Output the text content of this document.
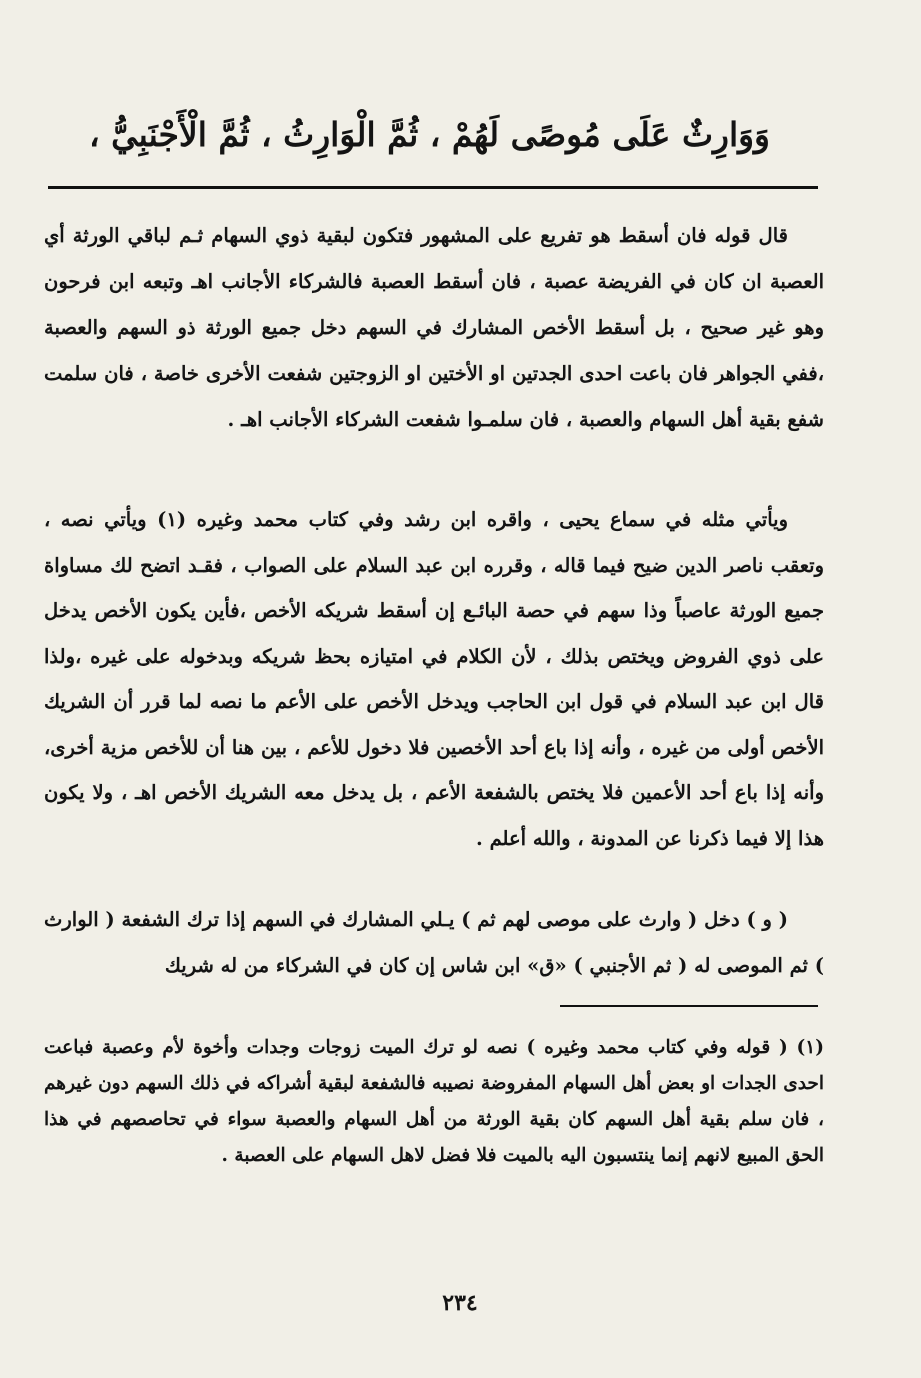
وَوَارِثٌ عَلَى مُوصًى لَهُمْ ، ثُمَّ الْوَارِثُ ، ثُمَّ الْأَجْنَبِيُّ ،

قال قوله فان أسقط هو تفريع على المشهور فتكون لبقية ذوي السهام ثـم لباقي الورثة أي العصبة ان كان في الفريضة عصبة ، فان أسقط العصبة فالشركاء الأجانب اهـ وتبعه ابن فرحون وهو غير صحيح ، بل أسقط الأخص المشارك في السهم دخل جميع الورثة ذو السهم والعصبة ،ففي الجواهر فان باعت احدى الجدتين او الأختين او الزوجتين شفعت الأخرى خاصة ، فان سلمت شفع بقية أهل السهام والعصبة ، فان سلمـوا شفعت الشركاء الأجانب اهـ .

ويأتي مثله في سماع يحيى ، واقره ابن رشد وفي كتاب محمد وغيره (١) ويأتي نصه ، وتعقب ناصر الدين ضيح فيما قاله ، وقرره ابن عبد السلام على الصواب ، فقـد اتضح لك مساواة جميع الورثة عاصباً وذا سهم في حصة البائـع إن أسقط شريكه الأخص ،فأين يكون الأخص يدخل على ذوي الفروض ويختص بذلك ، لأن الكلام في امتيازه بحظ شريكه وبدخوله على غيره ،ولذا قال ابن عبد السلام في قول ابن الحاجب ويدخل الأخص على الأعم ما نصه لما قرر أن الشريك الأخص أولى من غيره ، وأنه إذا باع أحد الأخصين فلا دخول للأعم ، بين هنا أن للأخص مزية أخرى، وأنه إذا باع أحد الأعمين فلا يختص بالشفعة الأعم ، بل يدخل معه الشريك الأخص اهـ ، ولا يكون هذا إلا فيما ذكرنا عن المدونة ، والله أعلم .

( و ) دخل ( وارث على موصى لهم ثم ) يـلي المشارك في السهم إذا ترك الشفعة ( الوارث ) ثم الموصى له ( ثم الأجنبي ) «ق» ابن شاس إن كان في الشركاء من له شريك

(١) ( قوله وفي كتاب محمد وغيره ) نصه لو ترك الميت زوجات وجدات وأخوة لأم وعصبة فباعت احدى الجدات او بعض أهل السهام المفروضة نصيبه فالشفعة لبقية أشراكه في ذلك السهم دون غيرهم ، فان سلم بقية أهل السهم كان بقية الورثة من أهل السهام والعصبة سواء في تحاصصهم في هذا الحق المبيع لانهم إنما ينتسبون اليه بالميت فلا فضل لاهل السهام على العصبة .

٢٣٤
